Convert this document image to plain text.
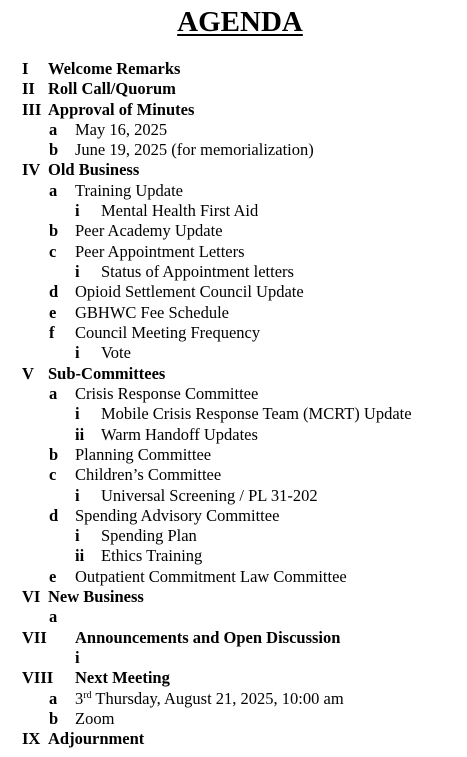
AGENDA
I Welcome Remarks
II Roll Call/Quorum
III Approval of Minutes
a May 16, 2025
b June 19, 2025 (for memorialization)
IV Old Business
a Training Update
i Mental Health First Aid
b Peer Academy Update
c Peer Appointment Letters
i Status of Appointment letters
d Opioid Settlement Council Update
e GBHWC Fee Schedule
f Council Meeting Frequency
i Vote
V Sub-Committees
a Crisis Response Committee
i Mobile Crisis Response Team (MCRT) Update
ii Warm Handoff Updates
b Planning Committee
c Children’s Committee
i Universal Screening / PL 31-202
d Spending Advisory Committee
i Spending Plan
ii Ethics Training
e Outpatient Commitment Law Committee
VI New Business
a
VII Announcements and Open Discussion
i
VIII Next Meeting
a 3rd Thursday, August 21, 2025, 10:00 am
b Zoom
IX Adjournment
